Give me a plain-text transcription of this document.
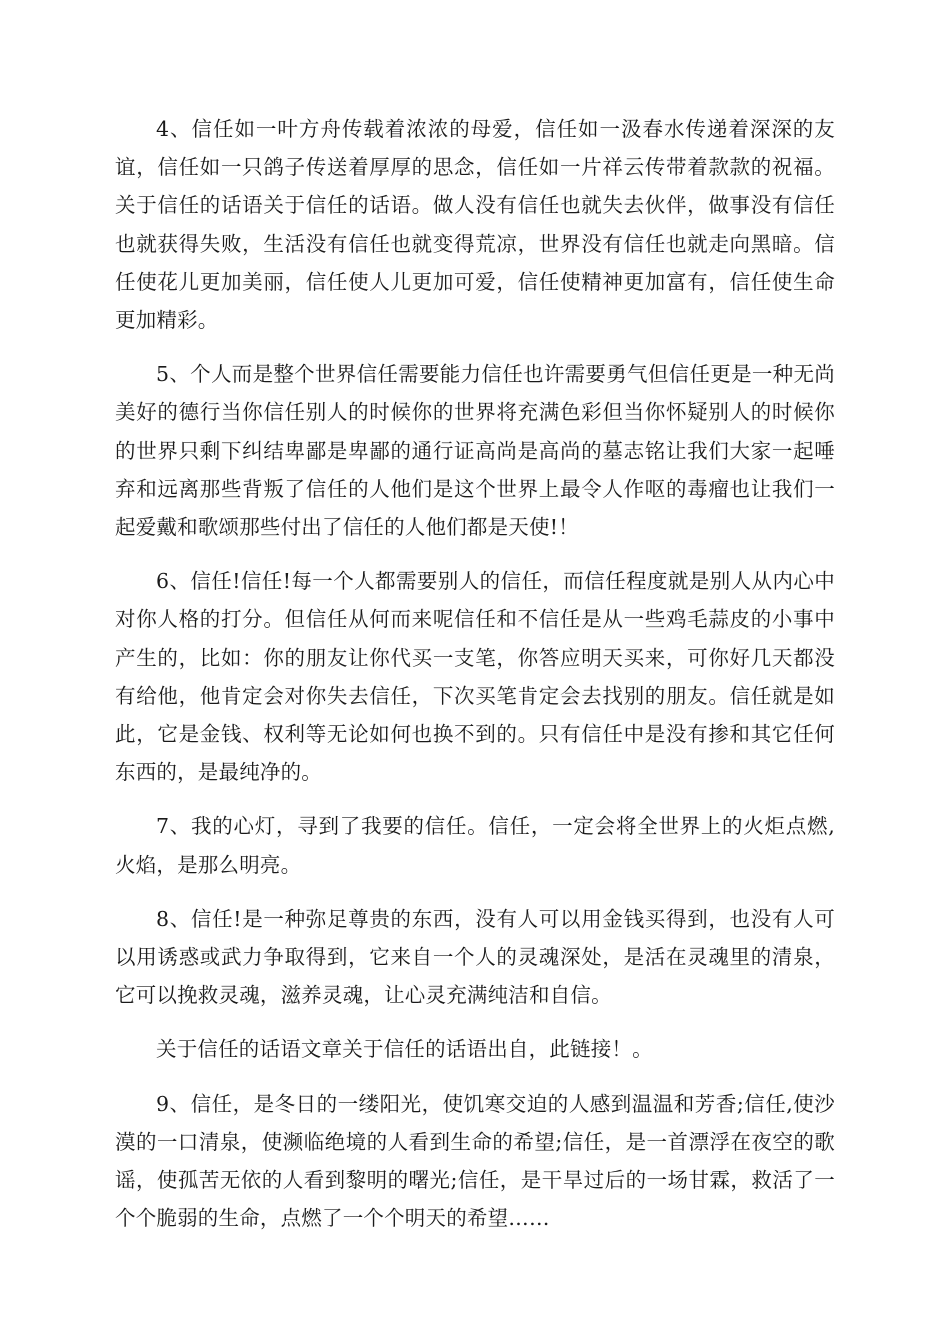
4、信任如一叶方舟传载着浓浓的母爱，信任如一汲春水传递着深深的友谊，信任如一只鸽子传送着厚厚的思念，信任如一片祥云传带着款款的祝福。关于信任的话语关于信任的话语。做人没有信任也就失去伙伴，做事没有信任也就获得失败，生活没有信任也就变得荒凉，世界没有信任也就走向黑暗。信任使花儿更加美丽，信任使人儿更加可爱，信任使精神更加富有，信任使生命更加精彩。

5、个人而是整个世界信任需要能力信任也许需要勇气但信任更是一种无尚美好的德行当你信任别人的时候你的世界将充满色彩但当你怀疑别人的时候你的世界只剩下纠结卑鄙是卑鄙的通行证高尚是高尚的墓志铭让我们大家一起唾弃和远离那些背叛了信任的人他们是这个世界上最令人作呕的毒瘤也让我们一起爱戴和歌颂那些付出了信任的人他们都是天使!！

6、信任!信任!每一个人都需要别人的信任，而信任程度就是别人从内心中对你人格的打分。但信任从何而来呢信任和不信任是从一些鸡毛蒜皮的小事中产生的，比如：你的朋友让你代买一支笔，你答应明天买来，可你好几天都没有给他，他肯定会对你失去信任，下次买笔肯定会去找别的朋友。信任就是如此，它是金钱、权利等无论如何也换不到的。只有信任中是没有掺和其它任何东西的，是最纯净的。

7、我的心灯，寻到了我要的信任。信任，一定会将全世界上的火炬点燃,火焰，是那么明亮。

8、信任!是一种弥足尊贵的东西，没有人可以用金钱买得到，也没有人可以用诱惑或武力争取得到，它来自一个人的灵魂深处，是活在灵魂里的清泉，它可以挽救灵魂，滋养灵魂，让心灵充满纯洁和自信。

关于信任的话语文章关于信任的话语出自，此链接！。

9、信任，是冬日的一缕阳光，使饥寒交迫的人感到温温和芳香;信任,使沙漠的一口清泉，使濒临绝境的人看到生命的希望;信任，是一首漂浮在夜空的歌谣，使孤苦无依的人看到黎明的曙光;信任，是干旱过后的一场甘霖，救活了一个个脆弱的生命，点燃了一个个明天的希望……
